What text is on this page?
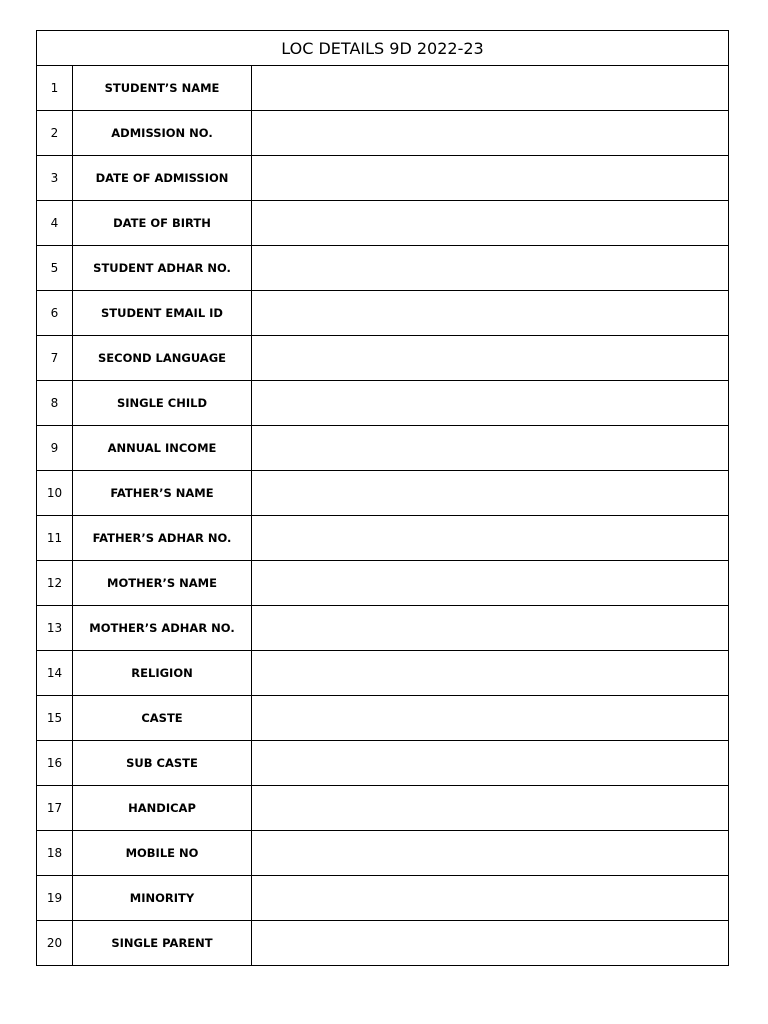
LOC DETAILS 9D 2022-23		
1	STUDENT’S NAME	
2	ADMISSION NO.	
3	DATE OF ADMISSION	
4	DATE OF BIRTH	
5	STUDENT ADHAR NO.	
6	STUDENT EMAIL ID	
7	SECOND LANGUAGE	
8	SINGLE CHILD	
9	ANNUAL INCOME	
10	FATHER’S NAME	
11	FATHER’S ADHAR NO.	
12	MOTHER’S NAME	
13	MOTHER’S ADHAR NO.	
14	RELIGION	
15	CASTE	
16	SUB CASTE	
17	HANDICAP	
18	MOBILE NO	
19	MINORITY	
20	SINGLE PARENT	
